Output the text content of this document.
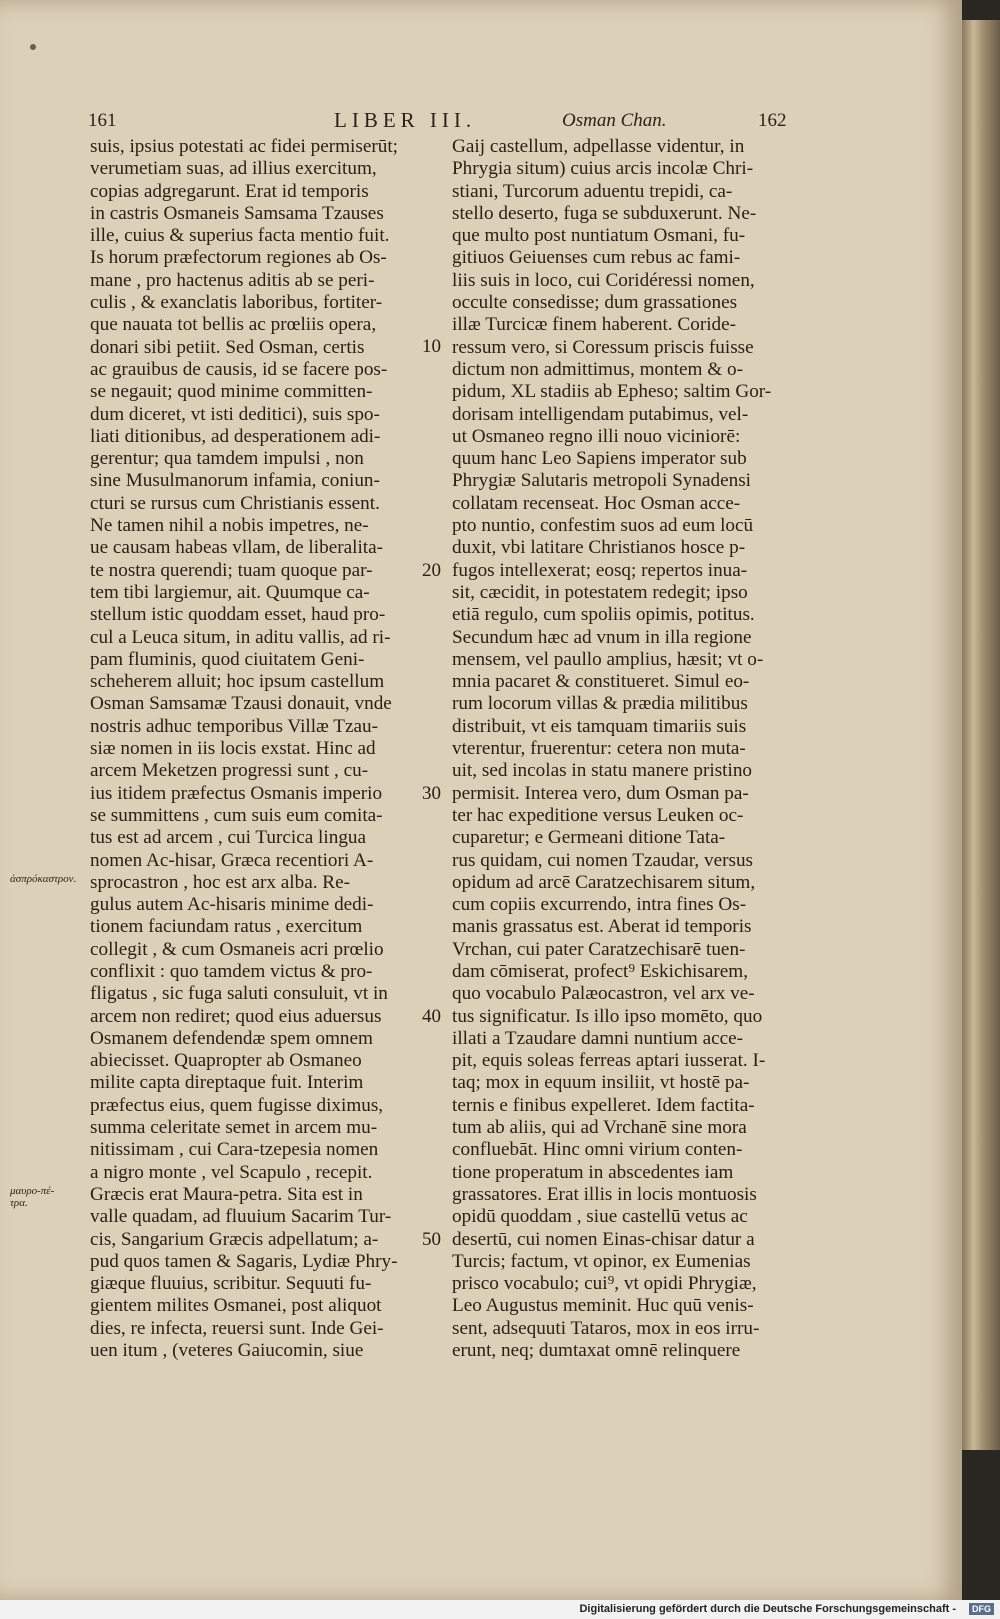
161	LIBER III.	Osman Chan.	162
suis, ipsius potestati ac fidei permiserūt;
verumetiam suas, ad illius exercitum,
copias adgregarunt. Erat id temporis
in castris Osmaneis Samsama Tzauses
ille, cuius & superius facta mentio fuit.
Is horum præfectorum regiones ab Os-
mane , pro hactenus aditis ab se peri-
culis , & exanclatis laboribus, fortiter-
que nauata tot bellis ac prœliis opera,
donari sibi petiit. Sed Osman, certis
ac grauibus de causis, id se facere pos-
se negauit; quod minime committen-
dum diceret, vt isti deditici), suis spo-
liati ditionibus, ad desperationem adi-
gerentur; qua tamdem impulsi , non
sine Musulmanorum infamia, coniun-
cturi se rursus cum Christianis essent.
Ne tamen nihil a nobis impetres, ne-
ue causam habeas vllam, de liberalita-
te nostra querendi; tuam quoque par-
tem tibi largiemur, ait. Quumque ca-
stellum istic quoddam esset, haud pro-
cul a Leuca situm, in aditu vallis, ad ri-
pam fluminis, quod ciuitatem Geni-
scheherem alluit; hoc ipsum castellum
Osman Samsamæ Tzausi donauit, vnde
nostris adhuc temporibus Villæ Tzau-
siæ nomen in iis locis exstat. Hinc ad
arcem Meketzen progressi sunt , cu-
ius itidem præfectus Osmanis imperio
se summittens , cum suis eum comita-
tus est ad arcem , cui Turcica lingua
nomen Ac-hisar, Græca recentiori A-
sprocastron , hoc est arx alba. Re-
gulus autem Ac-hisaris minime dedi-
tionem faciundam ratus , exercitum
collegit , & cum Osmaneis acri prœlio
conflixit : quo tamdem victus & pro-
fligatus , sic fuga saluti consuluit, vt in
arcem non rediret; quod eius aduersus
Osmanem defendendæ spem omnem
abiecisset. Quapropter ab Osmaneo
milite capta direptaque fuit. Interim
præfectus eius, quem fugisse diximus,
summa celeritate semet in arcem mu-
nitissimam , cui Cara-tzepesia nomen
a nigro monte , vel Scapulo , recepit.
Græcis erat Maura-petra. Sita est in
valle quadam, ad fluuium Sacarim Tur-
cis, Sangarium Græcis adpellatum; a-
pud quos tamen & Sagaris, Lydiæ Phry-
giæque fluuius, scribitur. Sequuti fu-
gientem milites Osmanei, post aliquot
dies, re infecta, reuersi sunt. Inde Gei-
uen itum , (veteres Gaiucomin, siue
Gaij castellum, adpellasse videntur, in
Phrygia situm) cuius arcis incolæ Chri-
stiani, Turcorum aduentu trepidi, ca-
stello deserto, fuga se subduxerunt. Ne-
que multo post nuntiatum Osmani, fu-
gitiuos Geiuenses cum rebus ac fami-
liis suis in loco, cui Coridéressi nomen,
occulte consedisse; dum grassationes
illæ Turcicæ finem haberent. Coride-
ressum vero, si Coressum priscis fuisse
dictum non admittimus, montem & o-
pidum, XL stadiis ab Epheso; saltim Gor-
dorisam intelligendam putabimus, vel-
ut Osmaneo regno illi nouo viciniorē:
quum hanc Leo Sapiens imperator sub
Phrygiæ Salutaris metropoli Synadensi
collatam recenseat. Hoc Osman acce-
pto nuntio, confestim suos ad eum locū
duxit, vbi latitare Christianos hosce p-
fugos intellexerat; eosq; repertos inua-
sit, cæcidit, in potestatem redegit; ipso
etiā regulo, cum spoliis opimis, potitus.
Secundum hæc ad vnum in illa regione
mensem, vel paullo amplius, hæsit; vt o-
mnia pacaret & constitueret. Simul eo-
rum locorum villas & prædia militibus
distribuit, vt eis tamquam timariis suis
vterentur, fruerentur: cetera non muta-
uit, sed incolas in statu manere pristino
permisit. Interea vero, dum Osman pa-
ter hac expeditione versus Leuken oc-
cuparetur; e Germeani ditione Tata-
rus quidam, cui nomen Tzaudar, versus
opidum ad arcē Caratzechisarem situm,
cum copiis excurrendo, intra fines Os-
manis grassatus est. Aberat id temporis
Vrchan, cui pater Caratzechisarē tuen-
dam cōmiserat, profect⁹ Eskichisarem,
quo vocabulo Palæocastron, vel arx ve-
tus significatur. Is illo ipso momēto, quo
illati a Tzaudare damni nuntium acce-
pit, equis soleas ferreas aptari iusserat. I-
taq; mox in equum insiliit, vt hostē pa-
ternis e finibus expelleret. Idem factita-
tum ab aliis, qui ad Vrchanē sine mora
confluebāt. Hinc omni virium conten-
tione properatum in abscedentes iam
grassatores. Erat illis in locis montuosis
opidū quoddam , siue castellū vetus ac
desertū, cui nomen Einas-chisar datur a
Turcis; factum, vt opinor, ex Eumenias
prisco vocabulo; cui⁹, vt opidi Phrygiæ,
Leo Augustus meminit. Huc quū venis-
sent, adsequuti Tataros, mox in eos irru-
erunt, neq; dumtaxat omnē relinquere
10
20
30
40
50
ἀσπρόκαστρον.
μαυρο-πέ-τρα.
Digitalisierung gefördert durch die Deutsche Forschungsgemeinschaft -	DFG
